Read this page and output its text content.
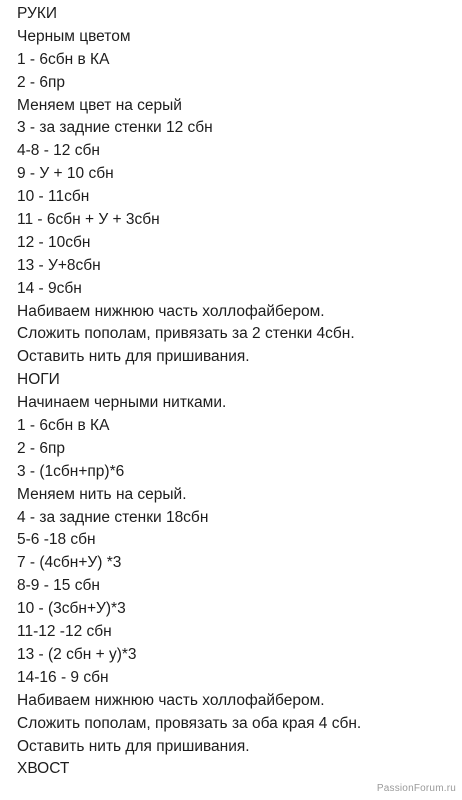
РУКИ
Черным цветом
1 - 6сбн в КА
2 - 6пр
Меняем цвет на серый
3 - за задние стенки 12 сбн
4-8 - 12 сбн
9 - У + 10 сбн
10 - 11сбн
11 - 6сбн + У + 3сбн
12 - 10сбн
13 - У+8сбн
14 - 9сбн
Набиваем нижнюю часть холлофайбером.
Сложить пополам, привязать за 2 стенки 4сбн.
Оставить нить для пришивания.
НОГИ
Начинаем черными нитками.
1 - 6сбн в КА
2 - 6пр
3 - (1сбн+пр)*6
Меняем нить на серый.
4 - за задние стенки 18сбн
5-6 -18 сбн
7 - (4сбн+У) *3
8-9 - 15 сбн
10 - (3сбн+У)*3
11-12 -12 сбн
13 - (2 сбн + у)*3
14-16 - 9 сбн
Набиваем нижнюю часть холлофайбером.
Сложить пополам, провязать за оба края 4 сбн.
Оставить нить для пришивания.
ХВОСТ
PassionForum.ru
